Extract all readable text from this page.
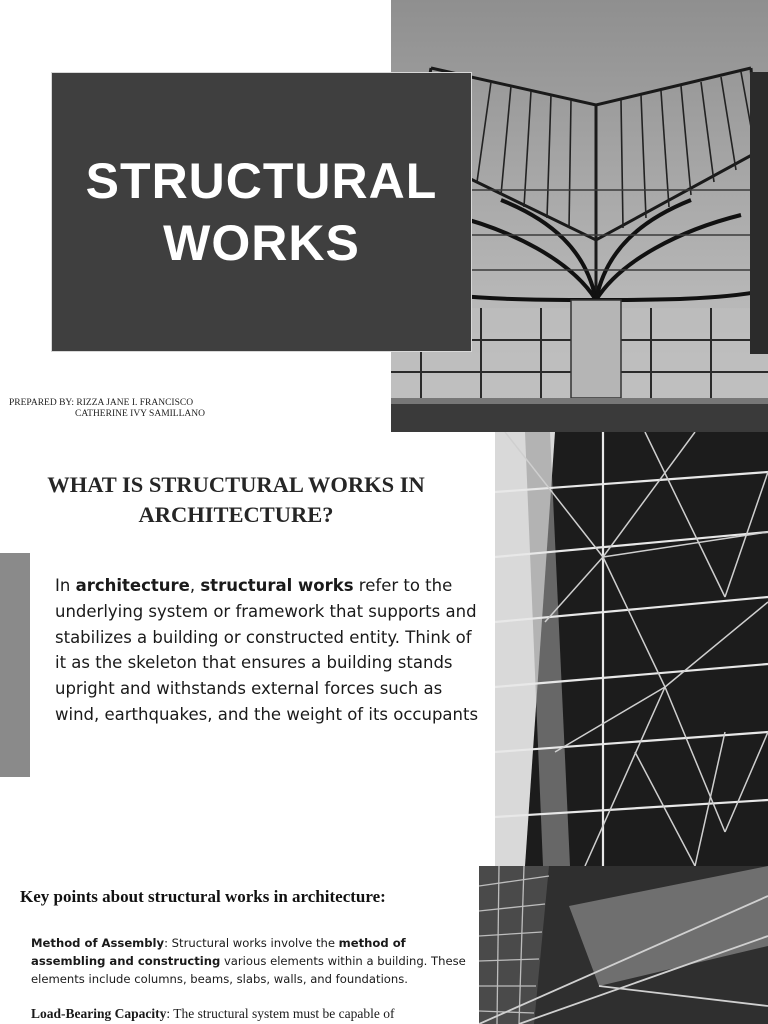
STRUCTURAL
WORKS
PREPARED BY: RIZZA JANE I. FRANCISCO
CATHERINE IVY SAMILLANO
WHAT IS STRUCTURAL WORKS IN
ARCHITECTURE?
In architecture, structural works refer to the underlying system or framework that supports and stabilizes a building or constructed entity. Think of it as the skeleton that ensures a building stands upright and withstands external forces such as wind, earthquakes, and the weight of its occupants
Key points about structural works in architecture:
Method of Assembly: Structural works involve the method of assembling and constructing various elements within a building. These elements include columns, beams, slabs, walls, and foundations.
Load-Bearing Capacity: The structural system must be capable of
